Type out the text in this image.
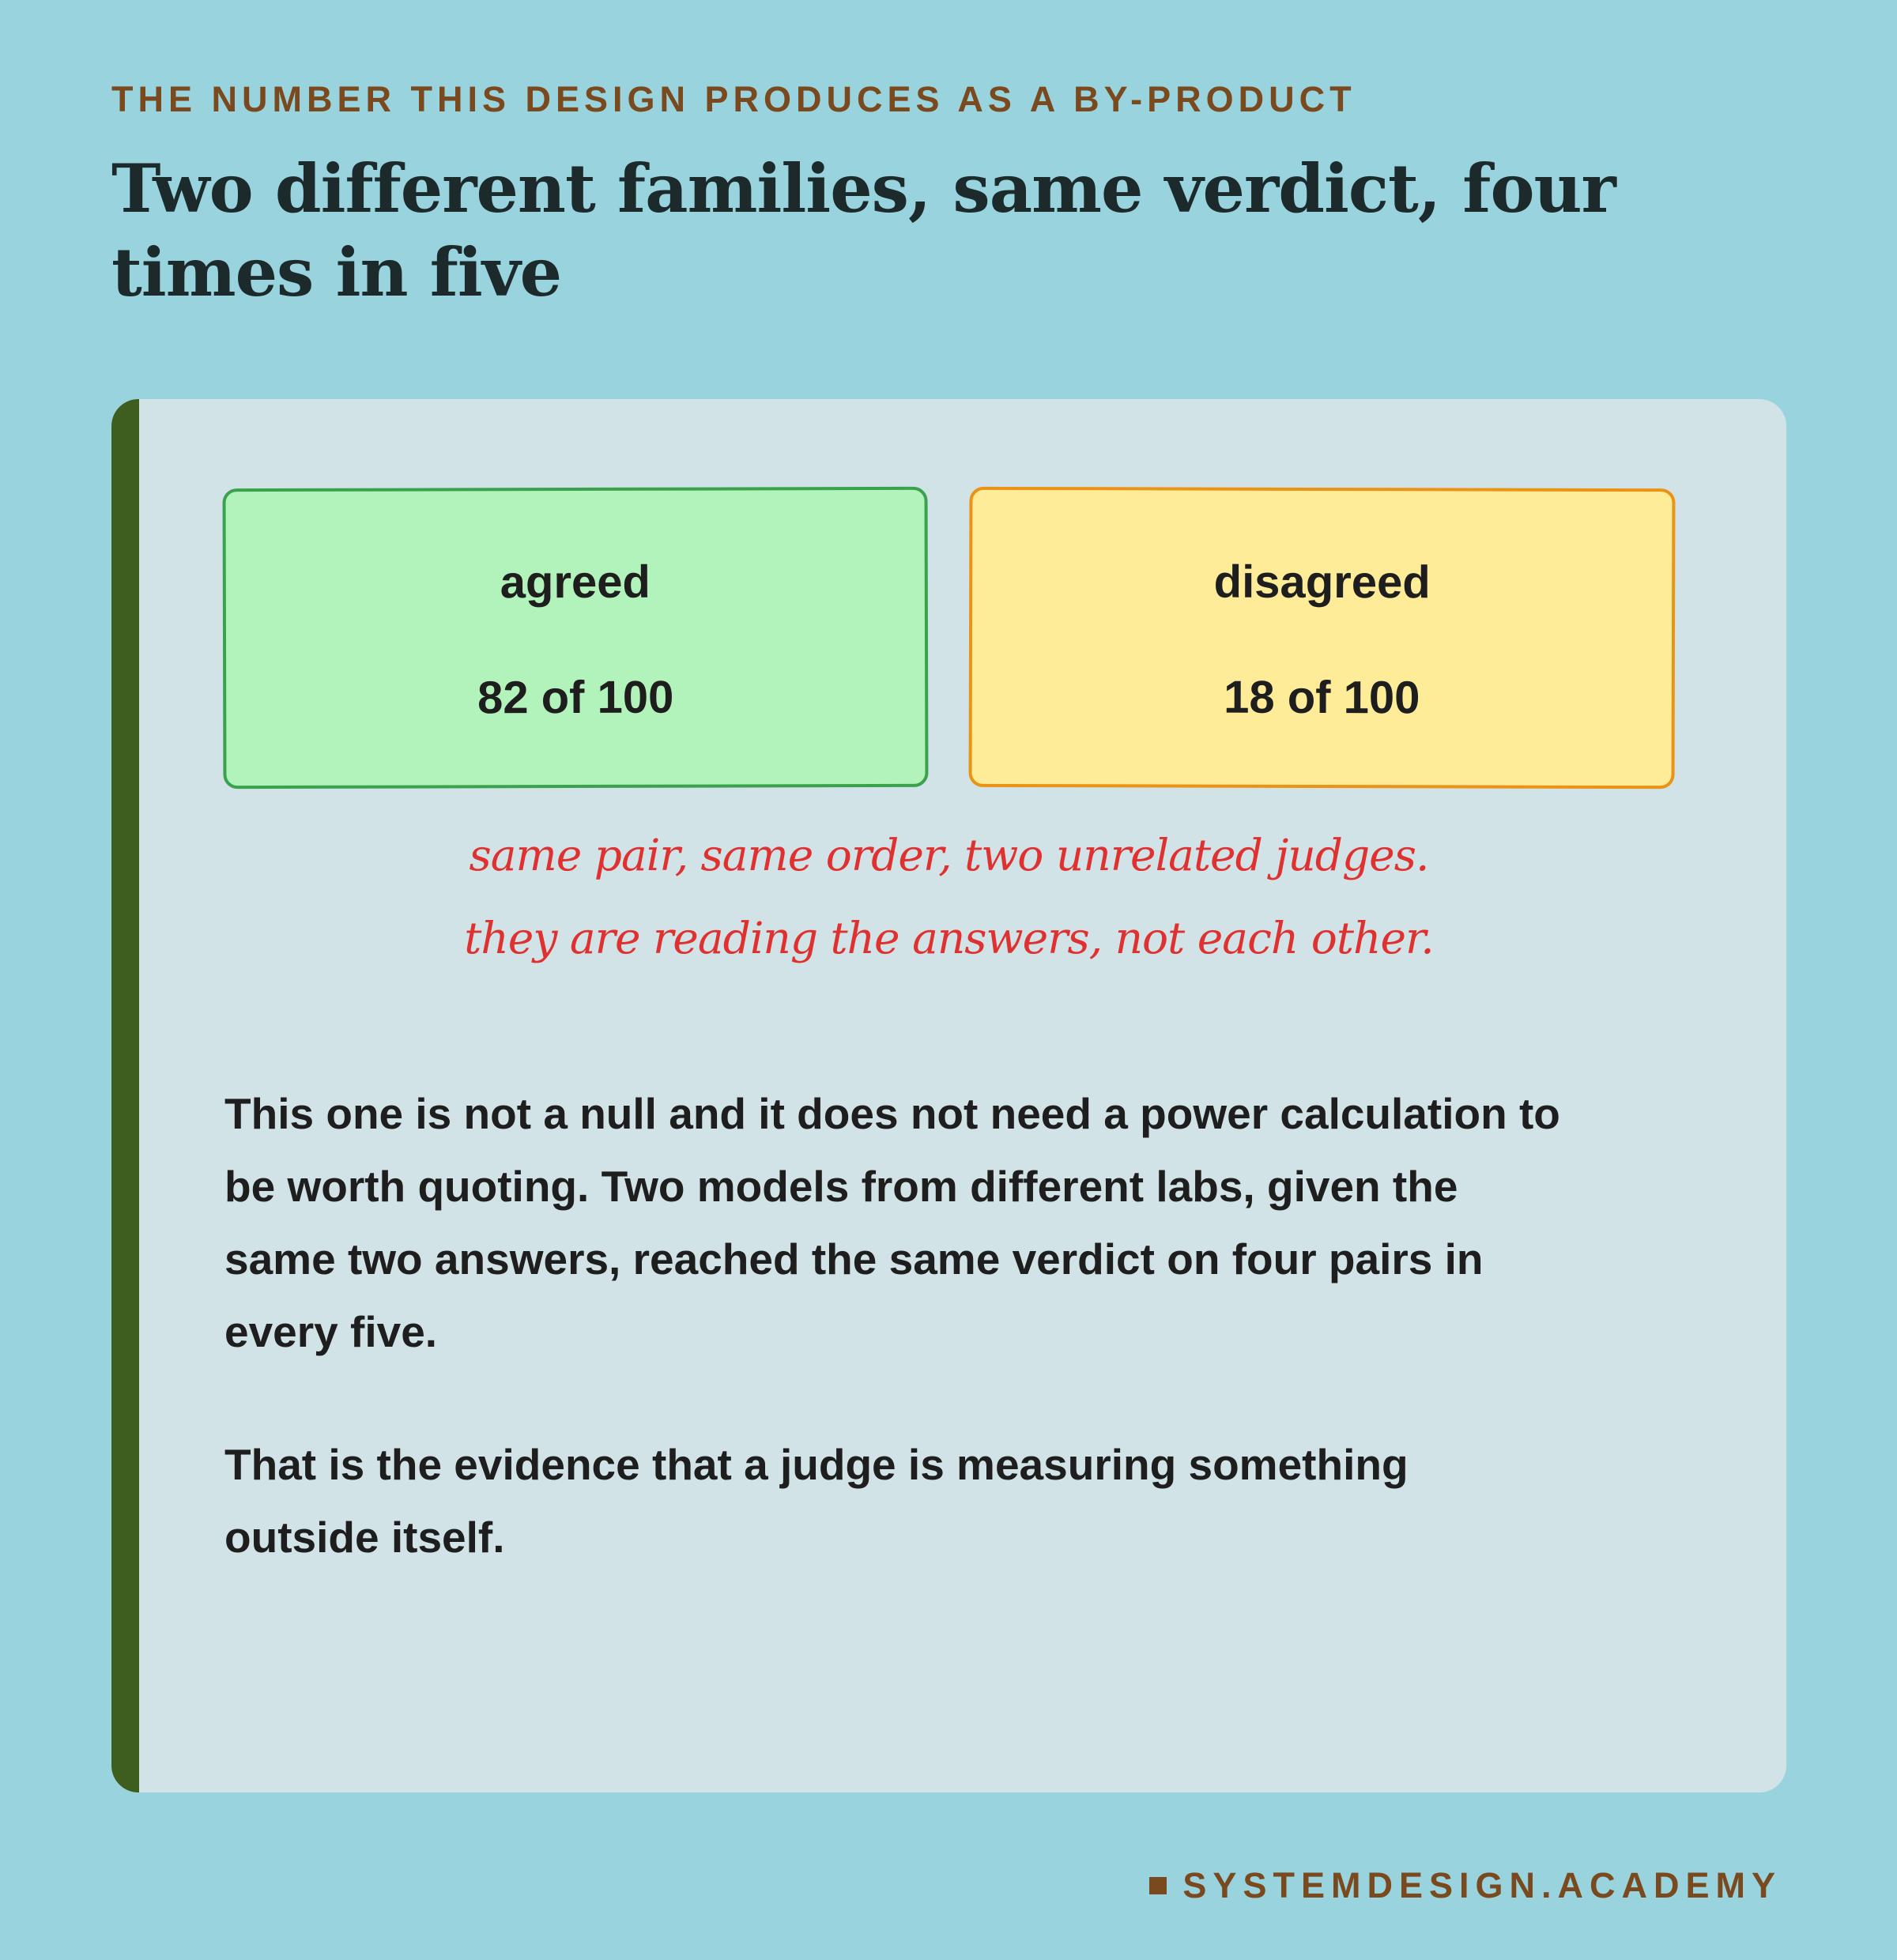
THE NUMBER THIS DESIGN PRODUCES AS A BY-PRODUCT
Two different families, same verdict, four times in five
agreed
82 of 100
disagreed
18 of 100
same pair, same order, two unrelated judges.
they are reading the answers, not each other.
This one is not a null and it does not need a power calculation to be worth quoting. Two models from different labs, given the same two answers, reached the same verdict on four pairs in every five.
That is the evidence that a judge is measuring something outside itself.
SYSTEMDESIGN.ACADEMY
